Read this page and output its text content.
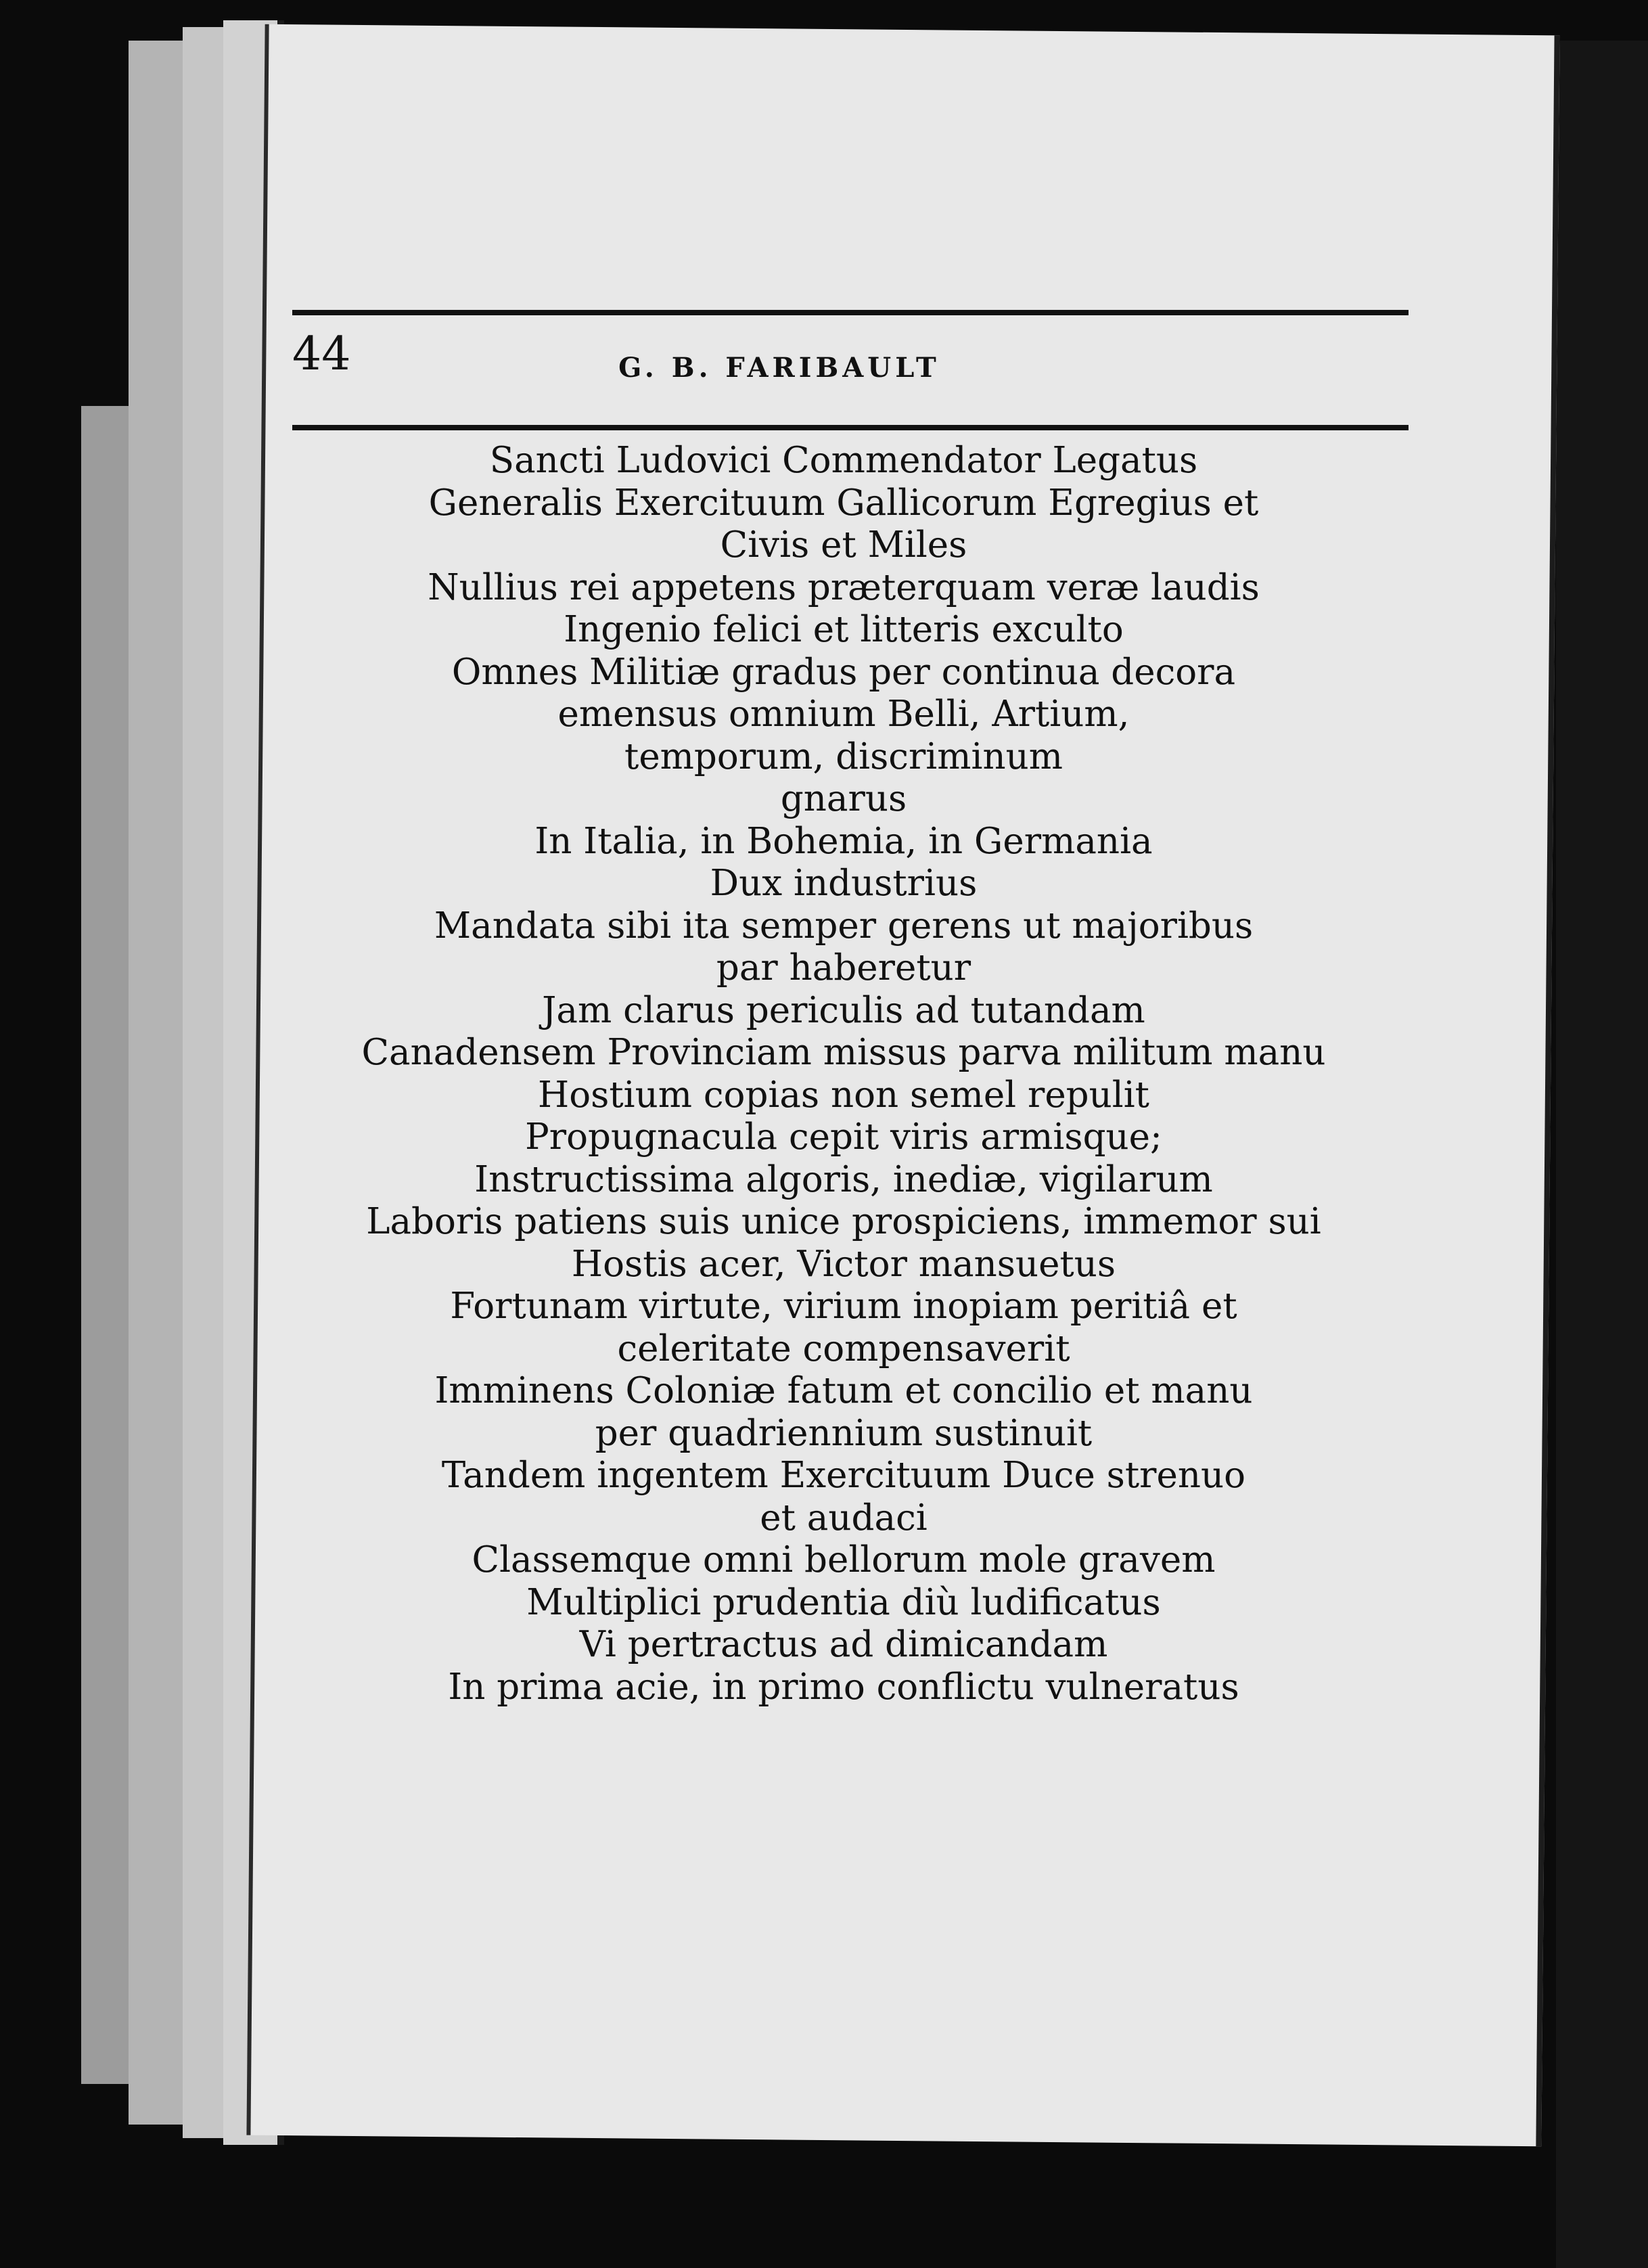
44	G. B. FARIBAULT
Sancti Ludovici Commendator Legatus
Generalis Exercituum Gallicorum Egregius et
Civis et Miles
Nullius rei appetens prӕterquam verӕ laudis
Ingenio felici et litteris exculto
Omnes Militiӕ gradus per continua decora
emensus omnium Belli, Artium,
temporum, discriminum
gnarus
In Italia, in Bohemia, in Germania
Dux industrius
Mandata sibi ita semper gerens ut majoribus
par haberetur
Jam clarus periculis ad tutandam
Canadensem Provinciam missus parva militum manu
Hostium copias non semel repulit
Propugnacula cepit viris armisque;
Instructissima algoris, inediӕ, vigilarum
Laboris patiens suis unice prospiciens, immemor sui
Hostis acer, Victor mansuetus
Fortunam virtute, virium inopiam peritiâ et
celeritate compensaverit
Imminens Coloniӕ fatum et concilio et manu
per quadriennium sustinuit
Tandem ingentem Exercituum Duce strenuo
et audaci
Classemque omni bellorum mole gravem
Multiplici prudentia diù ludificatus
Vi pertractus ad dimicandam
In prima acie, in primo conflictu vulneratus
